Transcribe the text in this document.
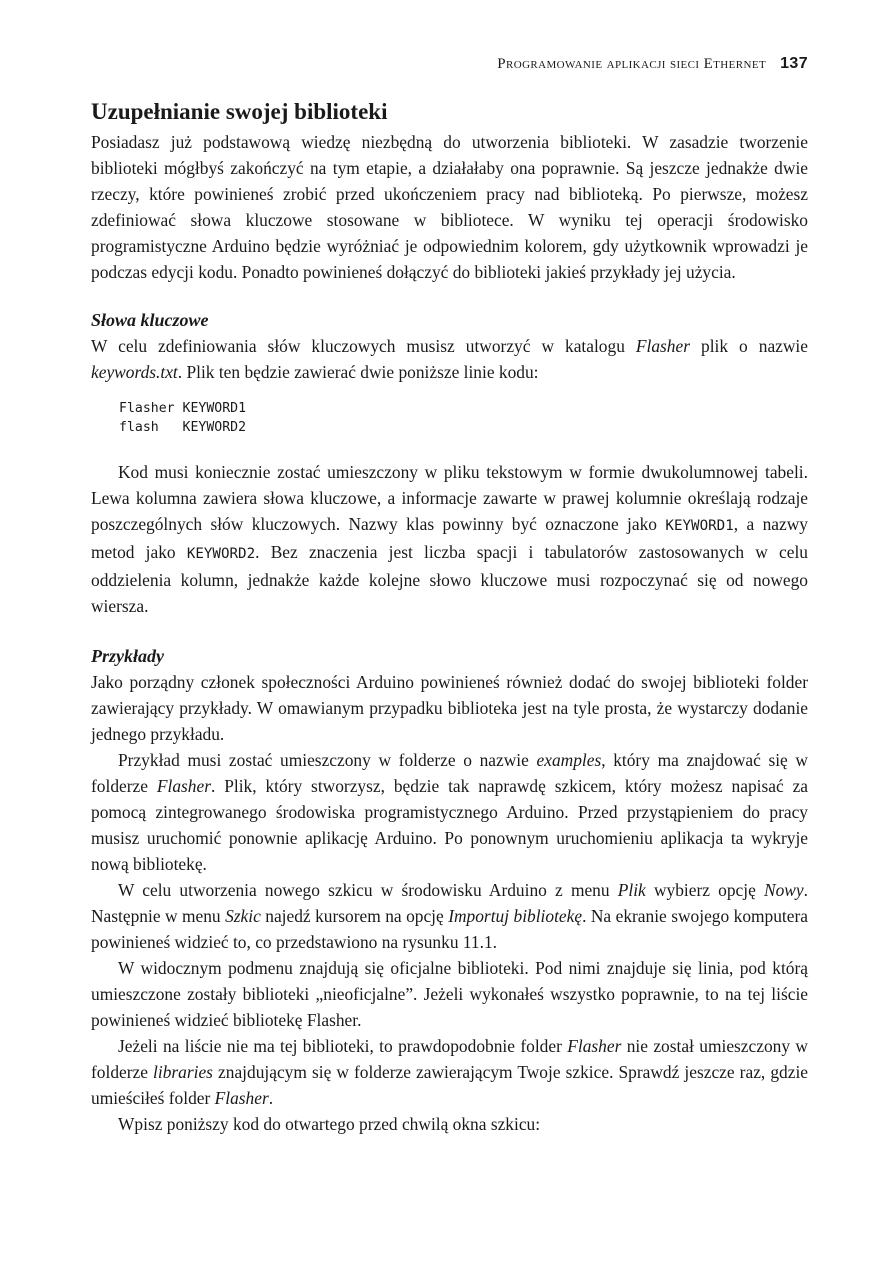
Programowanie aplikacji sieci Ethernet 137
Uzupełnianie swojej biblioteki

Posiadasz już podstawową wiedzę niezbędną do utworzenia biblioteki. W zasadzie tworzenie biblioteki mógłbyś zakończyć na tym etapie, a działałaby ona poprawnie. Są jeszcze jednakże dwie rzeczy, które powinieneś zrobić przed ukończeniem pracy nad biblioteką. Po pierwsze, możesz zdefiniować słowa kluczowe stosowane w bibliotece. W wyniku tej operacji środowisko programistyczne Arduino będzie wyróżniać je odpowiednim kolorem, gdy użytkownik wprowadzi je podczas edycji kodu. Ponadto powinieneś dołączyć do biblioteki jakieś przykłady jej użycia.

Słowa kluczowe

W celu zdefiniowania słów kluczowych musisz utworzyć w katalogu Flasher plik o nazwie keywords.txt. Plik ten będzie zawierać dwie poniższe linie kodu:

Flasher KEYWORD1
flash   KEYWORD2

Kod musi koniecznie zostać umieszczony w pliku tekstowym w formie dwukolumnowej tabeli. Lewa kolumna zawiera słowa kluczowe, a informacje zawarte w prawej kolumnie określają rodzaje poszczególnych słów kluczowych. Nazwy klas powinny być oznaczone jako KEYWORD1, a nazwy metod jako KEYWORD2. Bez znaczenia jest liczba spacji i tabulatorów zastosowanych w celu oddzielenia kolumn, jednakże każde kolejne słowo kluczowe musi rozpoczynać się od nowego wiersza.

Przykłady

Jako porządny członek społeczności Arduino powinieneś również dodać do swojej biblioteki folder zawierający przykłady. W omawianym przypadku biblioteka jest na tyle prosta, że wystarczy dodanie jednego przykładu.

Przykład musi zostać umieszczony w folderze o nazwie examples, który ma znajdować się w folderze Flasher. Plik, który stworzysz, będzie tak naprawdę szkicem, który możesz napisać za pomocą zintegrowanego środowiska programistycznego Arduino. Przed przystąpieniem do pracy musisz uruchomić ponownie aplikację Arduino. Po ponownym uruchomieniu aplikacja ta wykryje nową bibliotekę.

W celu utworzenia nowego szkicu w środowisku Arduino z menu Plik wybierz opcję Nowy. Następnie w menu Szkic najedź kursorem na opcję Importuj bibliotekę. Na ekranie swojego komputera powinieneś widzieć to, co przedstawiono na rysunku 11.1.

W widocznym podmenu znajdują się oficjalne biblioteki. Pod nimi znajduje się linia, pod którą umieszczone zostały biblioteki „nieoficjalne”. Jeżeli wykonałeś wszystko poprawnie, to na tej liście powinieneś widzieć bibliotekę Flasher.

Jeżeli na liście nie ma tej biblioteki, to prawdopodobnie folder Flasher nie został umieszczony w folderze libraries znajdującym się w folderze zawierającym Twoje szkice. Sprawdź jeszcze raz, gdzie umieściłeś folder Flasher.

Wpisz poniższy kod do otwartego przed chwilą okna szkicu:
